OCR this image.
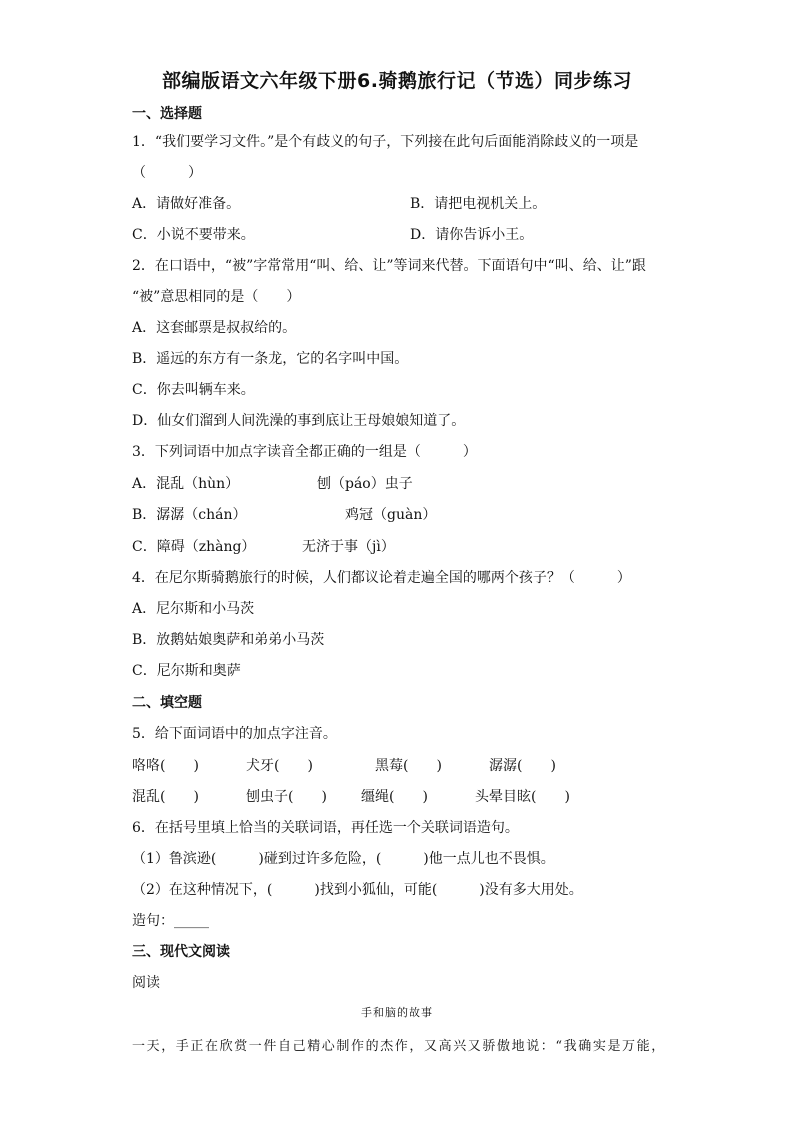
部编版语文六年级下册6.骑鹅旅行记（节选）同步练习
一、选择题
1．“我们要学习文件。”是个有歧义的句子，下列接在此句后面能消除歧义的一项是
（　　　）
A．请做好准备。	B．请把电视机关上。
C．小说不要带来。	D．请你告诉小王。
2．在口语中，“被”字常常用“叫、给、让”等词来代替。下面语句中“叫、给、让”跟
“被”意思相同的是（　　）
A．这套邮票是叔叔给的。
B．遥远的东方有一条龙，它的名字叫中国。
C．你去叫辆车来。
D．仙女们溜到人间洗澡的事到底让王母娘娘知道了。
3．下列词语中加点字读音全都正确的一组是（　　　）
A．混乱（hùn）	刨（páo）虫子
B．潺潺（chán）	鸡冠（guàn）
C．障碍（zhàng）	无济于事（jì）
4．在尼尔斯骑鹅旅行的时候，人们都议论着走遍全国的哪两个孩子？（　　　）
A．尼尔斯和小马茨
B．放鹅姑娘奥萨和弟弟小马茨
C．尼尔斯和奥萨
二、填空题
5．给下面词语中的加点字注音。
咯咯(　　)	犬牙(　　)	黑莓(　　)	潺潺(　　)
混乱(　　)	刨虫子(　　) 缰绳(　　)	头晕目眩(　　)
6．在括号里填上恰当的关联词语，再任选一个关联词语造句。
（1）鲁滨逊(　　　)碰到过许多危险，(　　　)他一点儿也不畏惧。
（2）在这种情况下，(　　　)找到小狐仙，可能(　　　)没有多大用处。
造句：_____
三、现代文阅读
阅读
手和脑的故事
一天，手正在欣赏一件自己精心制作的杰作，又高兴又骄傲地说：“我确实是万能，
